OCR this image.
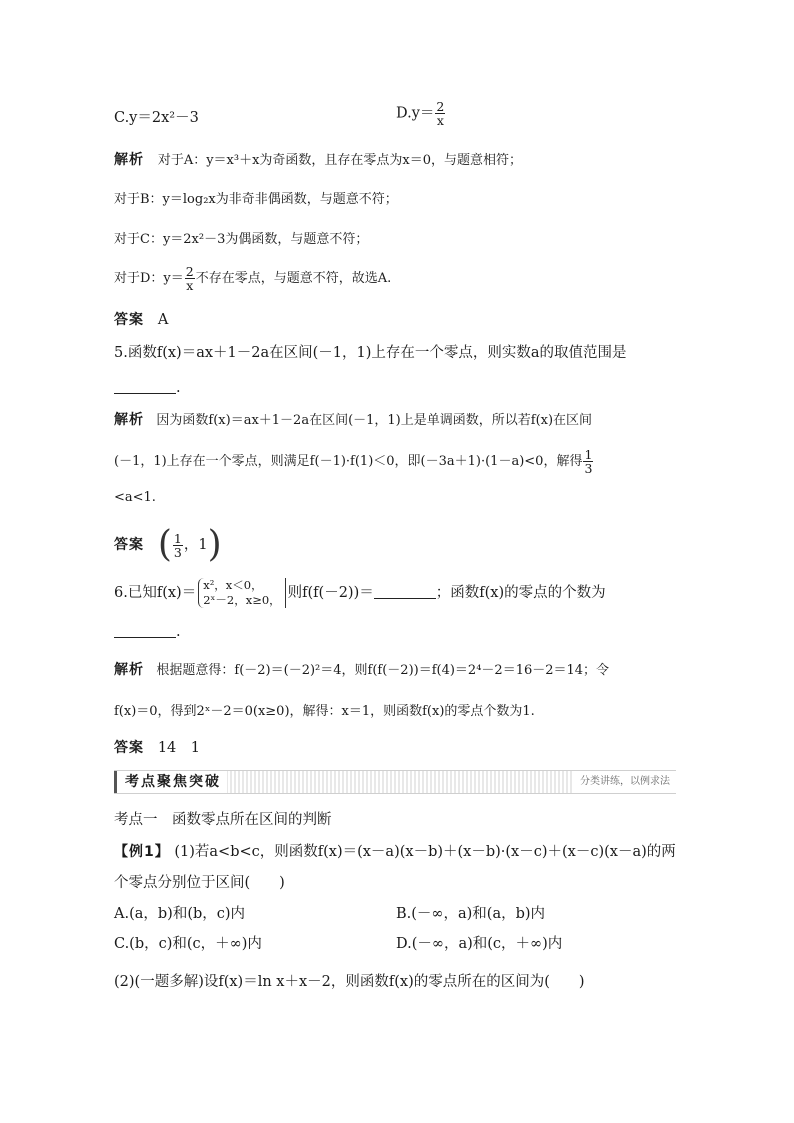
C.y＝2x²－3	$D.y= \frac{2}{x}$
解析 对于A：y＝x³＋x为奇函数，且存在零点为x＝0，与题意相符；
对于B：y＝log₂x为非奇非偶函数，与题意不符；
对于C：y＝2x²－3为偶函数，与题意不符；
对于D：$y= \frac{2}{x}$ 不存在零点，与题意不符，故选A.
答案 A
5.函数f(x)＝ax＋1－2a在区间(－1，1)上存在一个零点，则实数a的取值范围是
.
解析 因为函数f(x)＝ax＋1－2a在区间(－1，1)上是单调函数，所以若f(x)在区间
(－1，1)上存在一个零点，则满足f(－1)·f(1)＜0，即(－3a＋1)·(1－a)<0，解得 $\frac{1}{3}$
<a<1.
答案 ( $\frac{1}{3}$ ，1)
6.已知f(x)＝ x²，x＜0，
2ˣ－2，x≥0， 则f(f(－2))＝	；函数f(x)的零点的个数为
.
解析 根据题意得：f(－2)＝(－2)²＝4，则f(f(－2))＝f(4)＝2⁴－2＝16－2＝14；令
f(x)＝0，得到2ˣ－2＝0(x≥0)，解得：x＝1，则函数f(x)的零点个数为1.
答案 14　1
考点聚焦突破	分类讲练，以例求法
考点一　函数零点所在区间的判断
【例1】 (1)若a<b<c，则函数f(x)＝(x－a)(x－b)＋(x－b)·(x－c)＋(x－c)(x－a)的两
个零点分别位于区间(　　)
A.(a，b)和(b，c)内	B.(－∞，a)和(a，b)内
C.(b，c)和(c，＋∞)内	D.(－∞，a)和(c，＋∞)内
(2)(一题多解)设f(x)＝ln x＋x－2，则函数f(x)的零点所在的区间为(　　)
